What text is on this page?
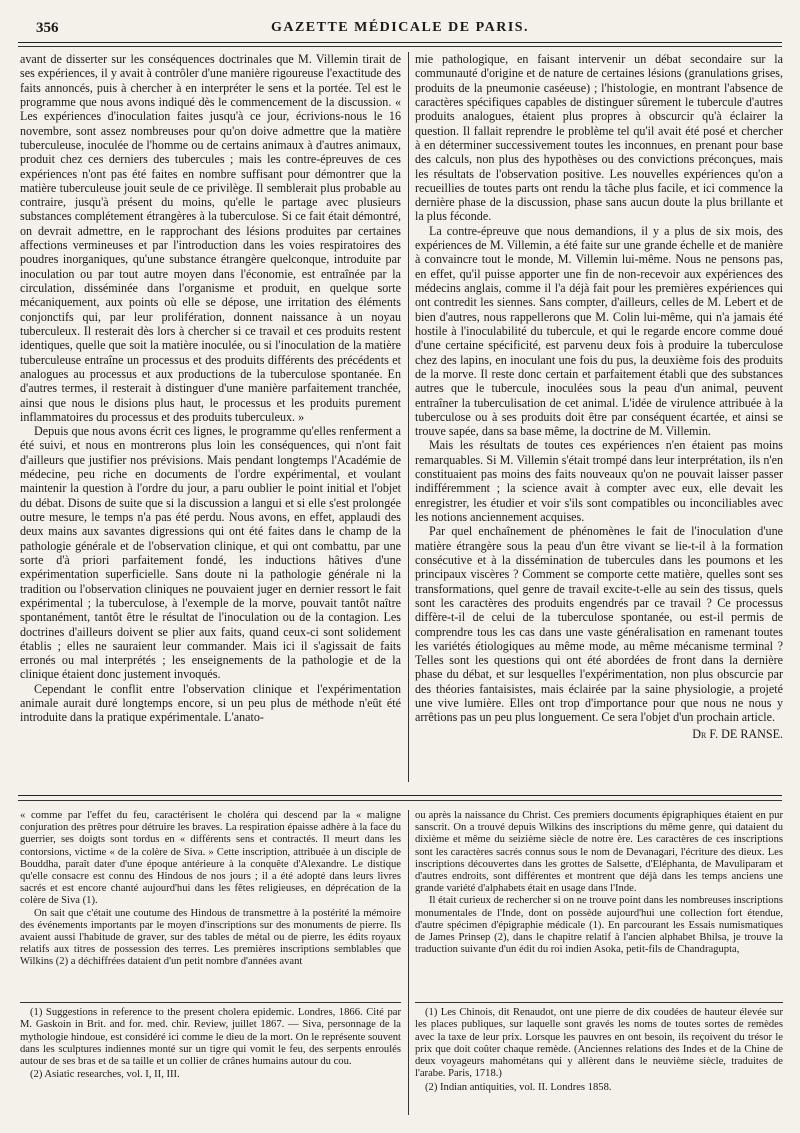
356	GAZETTE MÉDICALE DE PARIS.

avant de disserter sur les conséquences doctrinales que M. Villemin tirait de ses expériences, il y avait à contrôler d'une manière rigoureuse l'exactitude des faits annoncés, puis à chercher à en interpréter le sens et la portée. Tel est le programme que nous avons indiqué dès le commencement de la discussion. « Les expériences d'inoculation faites jusqu'à ce jour, écrivions-nous le 16 novembre, sont assez nombreuses pour qu'on doive admettre que la matière tuberculeuse, inoculée de l'homme ou de certains animaux à d'autres animaux, produit chez ces derniers des tubercules ; mais les contre-épreuves de ces expériences n'ont pas été faites en nombre suffisant pour démontrer que la matière tuberculeuse jouit seule de ce privilège. Il semblerait plus probable au contraire, jusqu'à présent du moins, qu'elle le partage avec plusieurs substances complétement étrangères à la tuberculose. Si ce fait était démontré, on devrait admettre, en le rapprochant des lésions produites par certaines affections vermineuses et par l'introduction dans les voies respiratoires des poudres inorganiques, qu'une substance étrangère quelconque, introduite par inoculation ou par tout autre moyen dans l'économie, est entraînée par la circulation, disséminée dans l'organisme et produit, en quelque sorte mécaniquement, aux points où elle se dépose, une irritation des éléments conjonctifs qui, par leur prolifération, donnent naissance à un noyau tuberculeux. Il resterait dès lors à chercher si ce travail et ces produits restent identiques, quelle que soit la matière inoculée, ou si l'inoculation de la matière tuberculeuse entraîne un processus et des produits différents des précédents et analogues au processus et aux productions de la tuberculose spontanée. En d'autres termes, il resterait à distinguer d'une manière parfaitement tranchée, ainsi que nous le disions plus haut, le processus et les produits purement inflammatoires du processus et des produits tuberculeux. »

Depuis que nous avons écrit ces lignes, le programme qu'elles renferment a été suivi, et nous en montrerons plus loin les conséquences, qui n'ont fait d'ailleurs que justifier nos prévisions. Mais pendant longtemps l'Académie de médecine, peu riche en documents de l'ordre expérimental, et voulant maintenir la question à l'ordre du jour, a paru oublier le point initial et l'objet du débat. Disons de suite que si la discussion a langui et si elle s'est prolongée outre mesure, le temps n'a pas été perdu. Nous avons, en effet, applaudi des deux mains aux savantes digressions qui ont été faites dans le champ de la pathologie générale et de l'observation clinique, et qui ont combattu, par une sorte d'à priori parfaitement fondé, les inductions hâtives d'une expérimentation superficielle. Sans doute ni la pathologie générale ni la tradition ou l'observation cliniques ne pouvaient juger en dernier ressort le fait expérimental ; la tuberculose, à l'exemple de la morve, pouvait tantôt naître spontanément, tantôt être le résultat de l'inoculation ou de la contagion. Les doctrines d'ailleurs doivent se plier aux faits, quand ceux-ci sont solidement établis ; elles ne sauraient leur commander. Mais ici il s'agissait de faits erronés ou mal interprétés ; les enseignements de la pathologie et de la clinique étaient donc justement invoqués.

Cependant le conflit entre l'observation clinique et l'expérimentation animale aurait duré longtemps encore, si un peu plus de méthode n'eût été introduite dans la pratique expérimentale. L'anato-

mie pathologique, en faisant intervenir un débat secondaire sur la communauté d'origine et de nature de certaines lésions (granulations grises, produits de la pneumonie caséeuse) ; l'histologie, en montrant l'absence de caractères spécifiques capables de distinguer sûrement le tubercule d'autres produits analogues, étaient plus propres à obscurcir qu'à éclairer la question. Il fallait reprendre le problème tel qu'il avait été posé et chercher à en déterminer successivement toutes les inconnues, en prenant pour base des calculs, non plus des hypothèses ou des convictions préconçues, mais les résultats de l'observation positive. Les nouvelles expériences qu'on a recueillies de toutes parts ont rendu la tâche plus facile, et ici commence la dernière phase de la discussion, phase sans aucun doute la plus brillante et la plus féconde.

La contre-épreuve que nous demandions, il y a plus de six mois, des expériences de M. Villemin, a été faite sur une grande échelle et de manière à convaincre tout le monde, M. Villemin lui-même. Nous ne pensons pas, en effet, qu'il puisse apporter une fin de non-recevoir aux expériences des médecins anglais, comme il l'a déjà fait pour les premières expériences qui ont contredit les siennes. Sans compter, d'ailleurs, celles de M. Lebert et de bien d'autres, nous rappellerons que M. Colin lui-même, qui n'a jamais été hostile à l'inoculabilité du tubercule, et qui le regarde encore comme doué d'une certaine spécificité, est parvenu deux fois à produire la tuberculose chez des lapins, en inoculant une fois du pus, la deuxième fois des produits de la morve. Il reste donc certain et parfaitement établi que des substances autres que le tubercule, inoculées sous la peau d'un animal, peuvent entraîner la tuberculisation de cet animal. L'idée de virulence attribuée à la tuberculose ou à ses produits doit être par conséquent écartée, et ainsi se trouve sapée, dans sa base même, la doctrine de M. Villemin.

Mais les résultats de toutes ces expériences n'en étaient pas moins remarquables. Si M. Villemin s'était trompé dans leur interprétation, ils n'en constituaient pas moins des faits nouveaux qu'on ne pouvait laisser passer indifféremment ; la science avait à compter avec eux, elle devait les enregistrer, les étudier et voir s'ils sont compatibles ou inconciliables avec les notions anciennement acquises.

Par quel enchaînement de phénomènes le fait de l'inoculation d'une matière étrangère sous la peau d'un être vivant se lie-t-il à la formation consécutive et à la dissémination de tubercules dans les poumons et les principaux viscères ? Comment se comporte cette matière, quelles sont ses transformations, quel genre de travail excite-t-elle au sein des tissus, quels sont les caractères des produits engendrés par ce travail ? Ce processus diffère-t-il de celui de la tuberculose spontanée, ou est-il permis de comprendre tous les cas dans une vaste généralisation en ramenant toutes les variétés étiologiques au même mode, au même mécanisme terminal ? Telles sont les questions qui ont été abordées de front dans la dernière phase du débat, et sur lesquelles l'expérimentation, non plus obscurcie par des théories fantaisistes, mais éclairée par la saine physiologie, a projeté une vive lumière. Elles ont trop d'importance pour que nous ne nous y arrêtions pas un peu plus longuement. Ce sera l'objet d'un prochain article.

Dr F. DE RANSE.

« comme par l'effet du feu, caractérisent le choléra qui descend par la « maligne conjuration des prêtres pour détruire les braves. La respiration épaisse adhère à la face du guerrier, ses doigts sont tordus en « différents sens et contractés. Il meurt dans les contorsions, victime « de la colère de Siva. » Cette inscription, attribuée à un disciple de Bouddha, paraît dater d'une époque antérieure à la conquête d'Alexandre. Le distique qu'elle consacre est connu des Hindous de nos jours ; il a été adopté dans leurs livres sacrés et est encore chanté aujourd'hui dans les fêtes religieuses, en déprécation de la colère de Siva (1).

On sait que c'était une coutume des Hindous de transmettre à la postérité la mémoire des événements importants par le moyen d'inscriptions sur des monuments de pierre. Ils avaient aussi l'habitude de graver, sur des tables de métal ou de pierre, les édits royaux relatifs aux titres de possession des terres. Les premières inscriptions semblables que Wilkins (2) a déchiffrées dataient d'un petit nombre d'années avant

ou après la naissance du Christ. Ces premiers documents épigraphiques étaient en pur sanscrit. On a trouvé depuis Wilkins des inscriptions du même genre, qui dataient du dixième et même du seizième siècle de notre ère. Les caractères de ces inscriptions sont les caractères sacrés connus sous le nom de Devanagari, l'écriture des dieux. Les inscriptions découvertes dans les grottes de Salsette, d'Eléphanta, de Mavuliparam et d'autres endroits, sont différentes et montrent que déjà dans les temps anciens une grande variété d'alphabets était en usage dans l'Inde.

Il était curieux de rechercher si on ne trouve point dans les nombreuses inscriptions monumentales de l'Inde, dont on possède aujourd'hui une collection fort étendue, d'autre spécimen d'épigraphie médicale (1). En parcourant les Essais numismatiques de James Prinsep (2), dans le chapitre relatif à l'ancien alphabet Bhilsa, je trouve la traduction suivante d'un édit du roi indien Asoka, petit-fils de Chandragupta,

(1) Suggestions in reference to the present cholera epidemic. Londres, 1866. Cité par M. Gaskoin in Brit. and for. med. chir. Review, juillet 1867. — Siva, personnage de la mythologie hindoue, est considéré ici comme le dieu de la mort. On le représente souvent dans les sculptures indiennes monté sur un tigre qui vomit le feu, des serpents enroulés autour de ses bras et de sa taille et un collier de crânes humains autour du cou.

(2) Asiatic researches, vol. I, II, III.

(1) Les Chinois, dit Renaudot, ont une pierre de dix coudées de hauteur élevée sur les places publiques, sur laquelle sont gravés les noms de toutes sortes de remèdes avec la taxe de leur prix. Lorsque les pauvres en ont besoin, ils reçoivent du trésor le prix que doit coûter chaque remède. (Anciennes relations des Indes et de la Chine de deux voyageurs mahométans qui y allèrent dans le neuvième siècle, traduites de l'arabe. Paris, 1718.)

(2) Indian antiquities, vol. II. Londres 1858.
